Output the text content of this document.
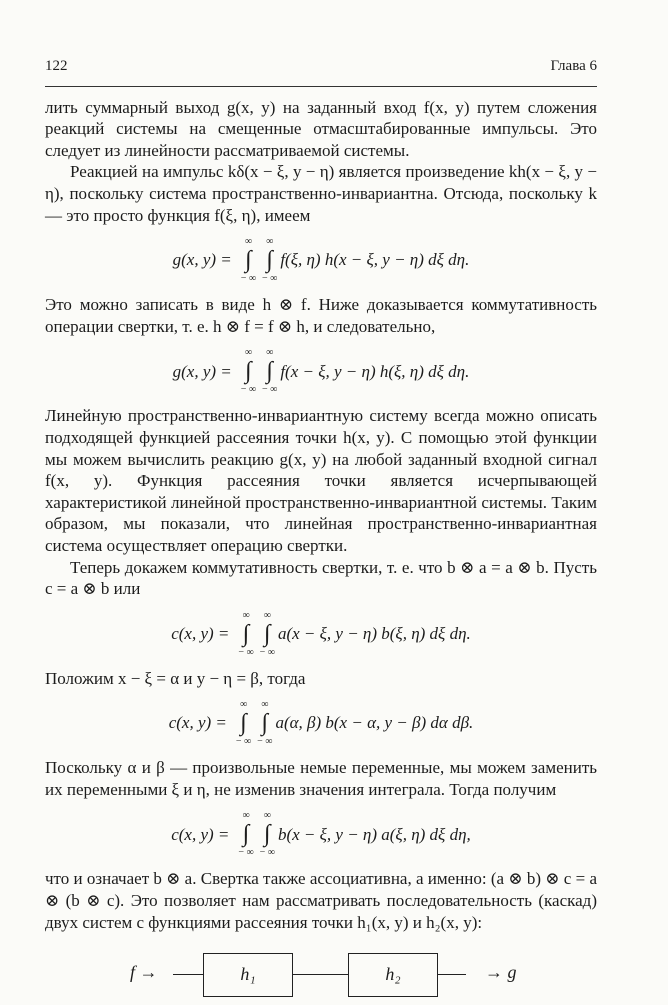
122	Глава 6

лить суммарный выход g(x, y) на заданный вход f(x, y) путем сложения реакций системы на смещенные отмасштабированные импульсы. Это следует из линейности рассматриваемой системы.

Реакцией на импульс kδ(x − ξ, y − η) является произведение kh(x − ξ, y − η), поскольку система пространственно-инвариантна. Отсюда, поскольку k — это просто функция f(ξ, η), имеем

g(x, y) =
∞
∫
− ∞
∞
∫
− ∞
f(ξ, η) h(x − ξ, y − η) dξ dη.

Это можно записать в виде h ⊗ f. Ниже доказывается коммутативность операции свертки, т. е. h ⊗ f = f ⊗ h, и следовательно,

g(x, y) =
∞
∫
− ∞
∞
∫
− ∞
f(x − ξ, y − η) h(ξ, η) dξ dη.

Линейную пространственно-инвариантную систему всегда можно описать подходящей функцией рассеяния точки h(x, y). С помощью этой функции мы можем вычислить реакцию g(x, y) на любой заданный входной сигнал f(x, y). Функция рассеяния точки является исчерпывающей характеристикой линейной пространственно-инвариантной системы. Таким образом, мы показали, что линейная пространственно-инвариантная система осуществляет операцию свертки.

Теперь докажем коммутативность свертки, т. е. что b ⊗ a = a ⊗ b. Пусть c = a ⊗ b или

c(x, y) =
∞
∫
− ∞
∞
∫
− ∞
a(x − ξ, y − η) b(ξ, η) dξ dη.

Положим x − ξ = α и y − η = β, тогда

c(x, y) =
∞
∫
− ∞
∞
∫
− ∞
a(α, β) b(x − α, y − β) dα dβ.

Поскольку α и β — произвольные немые переменные, мы можем заменить их переменными ξ и η, не изменив значения интеграла. Тогда получим

c(x, y) =
∞
∫
− ∞
∞
∫
− ∞
b(x − ξ, y − η) a(ξ, η) dξ dη,

что и означает b ⊗ a. Свертка также ассоциативна, а именно: (a ⊗ b) ⊗ c = a ⊗ (b ⊗ c). Это позволяет нам рассматривать последовательность (каскад) двух систем с функциями рассеяния точки h₁(x, y) и h₂(x, y):

f →	h₁	h₂	→ g
